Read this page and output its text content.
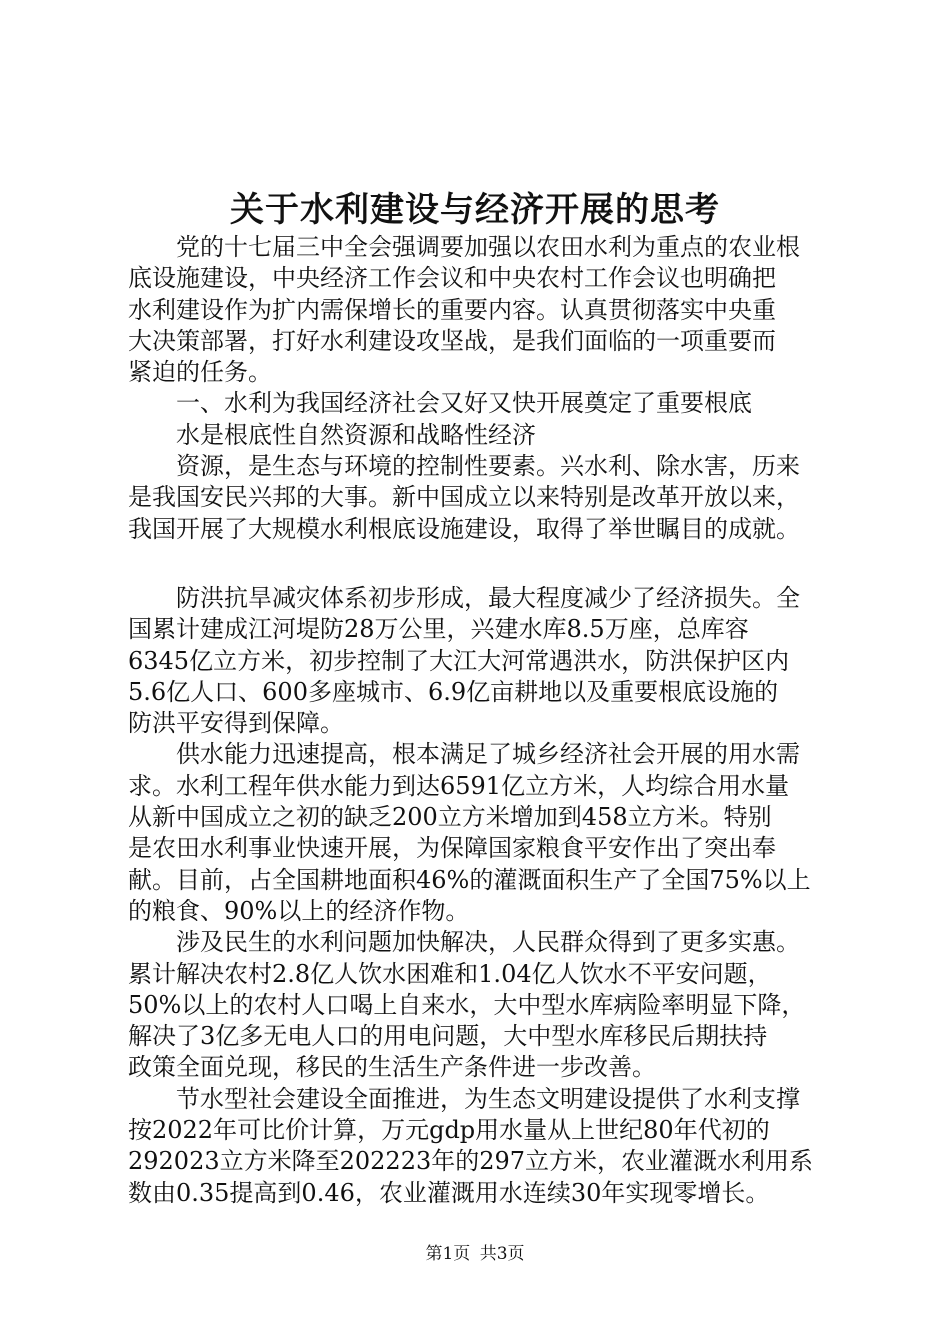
关于水利建设与经济开展的思考

党的十七届三中全会强调要加强以农田水利为重点的农业根

底设施建设，中央经济工作会议和中央农村工作会议也明确把

水利建设作为扩内需保增长的重要内容。认真贯彻落实中央重

大决策部署，打好水利建设攻坚战，是我们面临的一项重要而

紧迫的任务。

一、水利为我国经济社会又好又快开展奠定了重要根底

水是根底性自然资源和战略性经济

资源，是生态与环境的控制性要素。兴水利、除水害，历来

是我国安民兴邦的大事。新中国成立以来特别是改革开放以来，

我国开展了大规模水利根底设施建设，取得了举世瞩目的成就。

防洪抗旱减灾体系初步形成，最大程度减少了经济损失。全

国累计建成江河堤防28万公里，兴建水库8.5万座，总库容

6345亿立方米，初步控制了大江大河常遇洪水，防洪保护区内

5.6亿人口、600多座城市、6.9亿亩耕地以及重要根底设施的

防洪平安得到保障。

供水能力迅速提高，根本满足了城乡经济社会开展的用水需

求。水利工程年供水能力到达6591亿立方米，人均综合用水量

从新中国成立之初的缺乏200立方米增加到458立方米。特别

是农田水利事业快速开展，为保障国家粮食平安作出了突出奉

献。目前，占全国耕地面积46%的灌溉面积生产了全国75%以上

的粮食、90%以上的经济作物。

涉及民生的水利问题加快解决，人民群众得到了更多实惠。

累计解决农村2.8亿人饮水困难和1.04亿人饮水不平安问题，

50%以上的农村人口喝上自来水，大中型水库病险率明显下降，

解决了3亿多无电人口的用电问题，大中型水库移民后期扶持

政策全面兑现，移民的生活生产条件进一步改善。

节水型社会建设全面推进，为生态文明建设提供了水利支撑

按2022年可比价计算，万元gdp用水量从上世纪80年代初的

292023立方米降至202223年的297立方米，农业灌溉水利用系

数由0.35提高到0.46，农业灌溉用水连续30年实现零增长。

第1页 共3页
